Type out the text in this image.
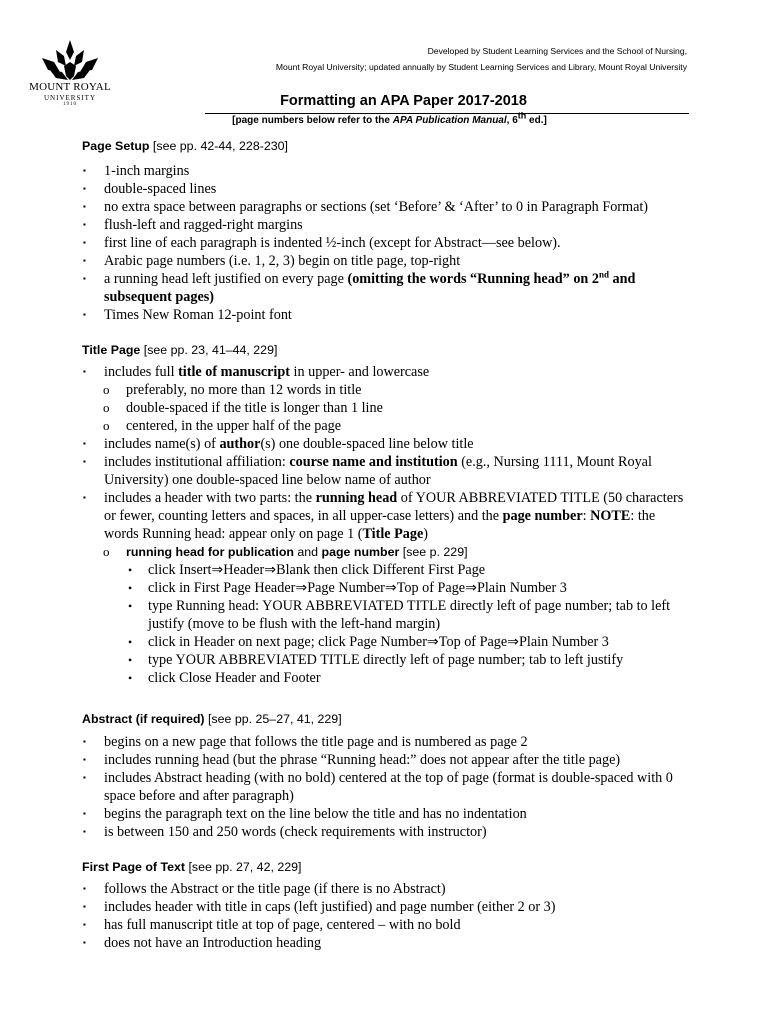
MOUNT ROYAL
UNIVERSITY
1910
Developed by Student Learning Services and the School of Nursing,
Mount Royal University; updated annually by Student Learning Services and Library, Mount Royal University
Formatting an APA Paper 2017-2018
[page numbers below refer to the APA Publication Manual, 6th ed.]
Page Setup [see pp. 42-44, 228-230]
▪ 1-inch margins
▪ double-spaced lines
▪ no extra space between paragraphs or sections (set ‘Before’ & ‘After’ to 0 in Paragraph Format)
▪ flush-left and ragged-right margins
▪ first line of each paragraph is indented ½-inch (except for Abstract—see below).
▪ Arabic page numbers (i.e. 1, 2, 3) begin on title page, top-right
▪ a running head left justified on every page (omitting the words “Running head” on 2nd and subsequent pages)
▪ Times New Roman 12-point font
Title Page [see pp. 23, 41–44, 229]
▪ includes full title of manuscript in upper- and lowercase
o preferably, no more than 12 words in title
o double-spaced if the title is longer than 1 line
o centered, in the upper half of the page
▪ includes name(s) of author(s) one double-spaced line below title
▪ includes institutional affiliation: course name and institution (e.g., Nursing 1111, Mount Royal University) one double-spaced line below name of author
▪ includes a header with two parts: the running head of YOUR ABBREVIATED TITLE (50 characters or fewer, counting letters and spaces, in all upper-case letters) and the page number: NOTE: the words Running head: appear only on page 1 (Title Page)
o running head for publication and page number [see p. 229]
• click Insert⇒Header⇒Blank then click Different First Page
• click in First Page Header⇒Page Number⇒Top of Page⇒Plain Number 3
• type Running head: YOUR ABBREVIATED TITLE directly left of page number; tab to left justify (move to be flush with the left-hand margin)
• click in Header on next page; click Page Number⇒Top of Page⇒Plain Number 3
• type YOUR ABBREVIATED TITLE directly left of page number; tab to left justify
• click Close Header and Footer
Abstract (if required) [see pp. 25–27, 41, 229]
▪ begins on a new page that follows the title page and is numbered as page 2
▪ includes running head (but the phrase “Running head:” does not appear after the title page)
▪ includes Abstract heading (with no bold) centered at the top of page (format is double-spaced with 0 space before and after paragraph)
▪ begins the paragraph text on the line below the title and has no indentation
▪ is between 150 and 250 words (check requirements with instructor)
First Page of Text [see pp. 27, 42, 229]
▪ follows the Abstract or the title page (if there is no Abstract)
▪ includes header with title in caps (left justified) and page number (either 2 or 3)
▪ has full manuscript title at top of page, centered – with no bold
▪ does not have an Introduction heading
